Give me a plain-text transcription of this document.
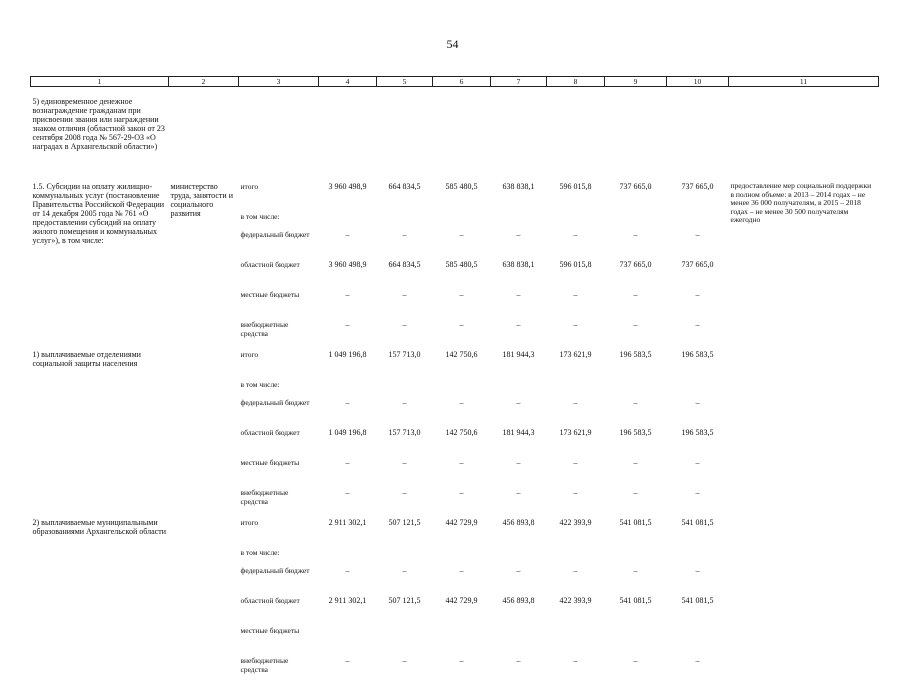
54
1	2	3	4	5	6	7	8	9	10	11
5) единовременное денежное вознаграждение гражданам при присвоении звания или награждении знаком отличия (областной закон от 23 сентября 2008 года № 567-29-ОЗ «О наградах в Архангельской области»)										
1.5. Субсидии на оплату жилищно-коммунальных услуг (постановление Правительства Российской Федерации от 14 декабря 2005 года № 761 «О предоставлении субсидий на оплату жилого помещения и коммунальных услуг»), в том числе:	министерство труда, занятости и социального развития	итого	3 960 498,9	664 834,5	585 480,5	638 838,1	596 015,8	737 665,0	737 665,0	предоставление мер социальной поддержки в полном объеме: в 2013 – 2014 годах – не менее 36 000 получателям, в 2015 – 2018 годах – не менее 30 500 получателям ежегодно
		в том числе:								
		федеральный бюджет	–	–	–	–	–	–	–	
		областной бюджет	3 960 498,9	664 834,5	585 480,5	638 838,1	596 015,8	737 665,0	737 665,0	
		местные бюджеты	–	–	–	–	–	–	–	
		внебюджетные средства	–	–	–	–	–	–	–	
1) выплачиваемые отделениями социальной защиты населения		итого	1 049 196,8	157 713,0	142 750,6	181 944,3	173 621,9	196 583,5	196 583,5	
		в том числе:								
		федеральный бюджет	–	–	–	–	–	–	–	
		областной бюджет	1 049 196,8	157 713,0	142 750,6	181 944,3	173 621,9	196 583,5	196 583,5	
		местные бюджеты	–	–	–	–	–	–	–	
		внебюджетные средства	–	–	–	–	–	–	–	
2) выплачиваемые муниципальными образованиями Архангельской области		итого	2 911 302,1	507 121,5	442 729,9	456 893,8	422 393,9	541 081,5	541 081,5	
		в том числе:								
		федеральный бюджет	–	–	–	–	–	–	–	
		областной бюджет	2 911 302,1	507 121,5	442 729,9	456 893,8	422 393,9	541 081,5	541 081,5	
		местные бюджеты								
		внебюджетные средства	–	–	–	–	–	–	–	
